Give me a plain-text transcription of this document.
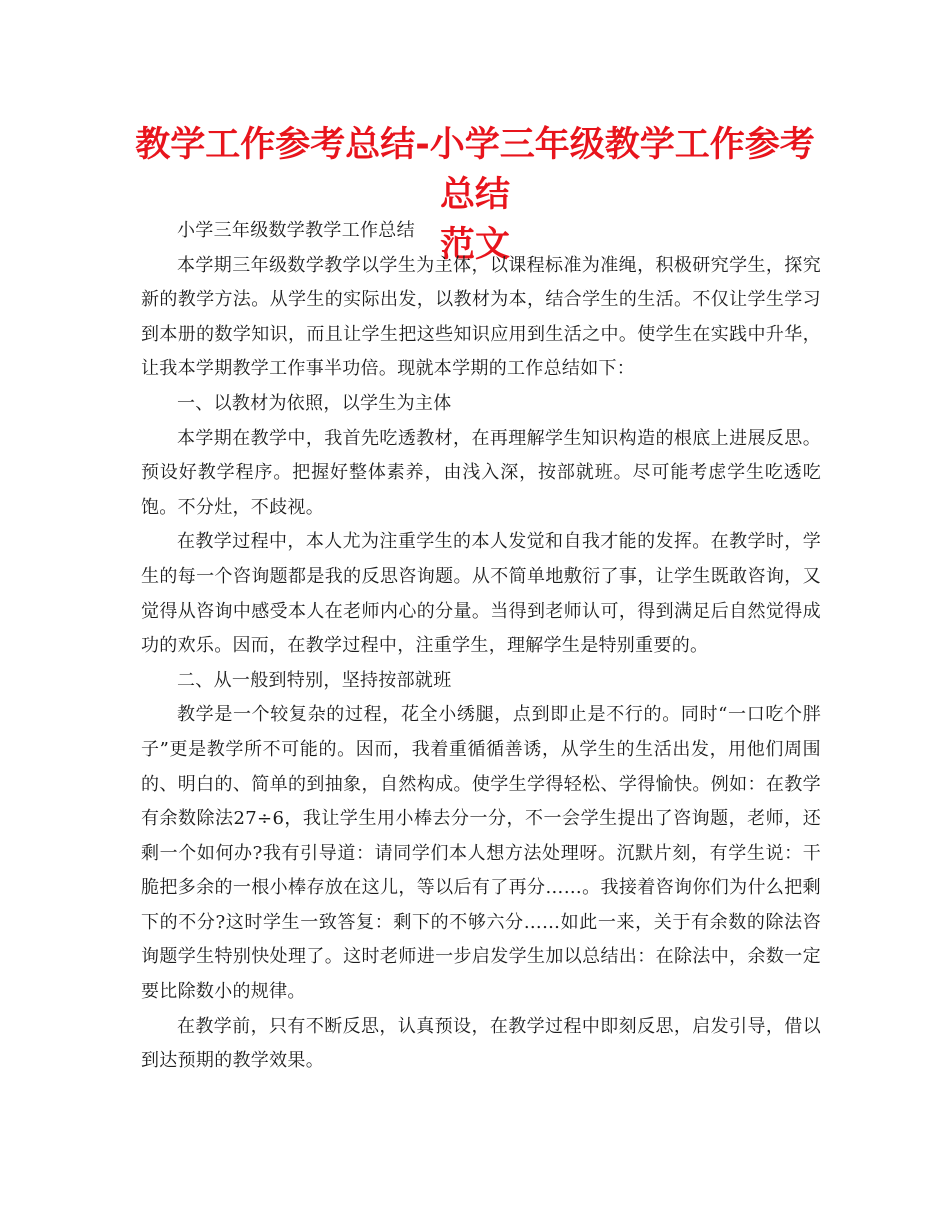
教学工作参考总结-小学三年级教学工作参考总结
范文

小学三年级数学教学工作总结

本学期三年级数学教学以学生为主体，以课程标准为准绳，积极研究学生，探究新的教学方法。从学生的实际出发，以教材为本，结合学生的生活。不仅让学生学习到本册的数学知识，而且让学生把这些知识应用到生活之中。使学生在实践中升华，让我本学期教学工作事半功倍。现就本学期的工作总结如下：

一、以教材为依照，以学生为主体

本学期在教学中，我首先吃透教材，在再理解学生知识构造的根底上进展反思。预设好教学程序。把握好整体素养，由浅入深，按部就班。尽可能考虑学生吃透吃饱。不分灶，不歧视。

在教学过程中，本人尤为注重学生的本人发觉和自我才能的发挥。在教学时，学生的每一个咨询题都是我的反思咨询题。从不简单地敷衍了事，让学生既敢咨询，又觉得从咨询中感受本人在老师内心的分量。当得到老师认可，得到满足后自然觉得成功的欢乐。因而，在教学过程中，注重学生，理解学生是特别重要的。

二、从一般到特别，坚持按部就班

教学是一个较复杂的过程，花全小绣腿，点到即止是不行的。同时“一口吃个胖子”更是教学所不可能的。因而，我着重循循善诱，从学生的生活出发，用他们周围的、明白的、简单的到抽象，自然构成。使学生学得轻松、学得愉快。例如：在教学有余数除法27÷6，我让学生用小棒去分一分，不一会学生提出了咨询题，老师，还剩一个如何办?我有引导道：请同学们本人想方法处理呀。沉默片刻，有学生说：干脆把多余的一根小棒存放在这儿，等以后有了再分……。我接着咨询你们为什么把剩下的不分?这时学生一致答复：剩下的不够六分……如此一来，关于有余数的除法咨询题学生特别快处理了。这时老师进一步启发学生加以总结出：在除法中，余数一定要比除数小的规律。

在教学前，只有不断反思，认真预设，在教学过程中即刻反思，启发引导，借以到达预期的教学效果。
